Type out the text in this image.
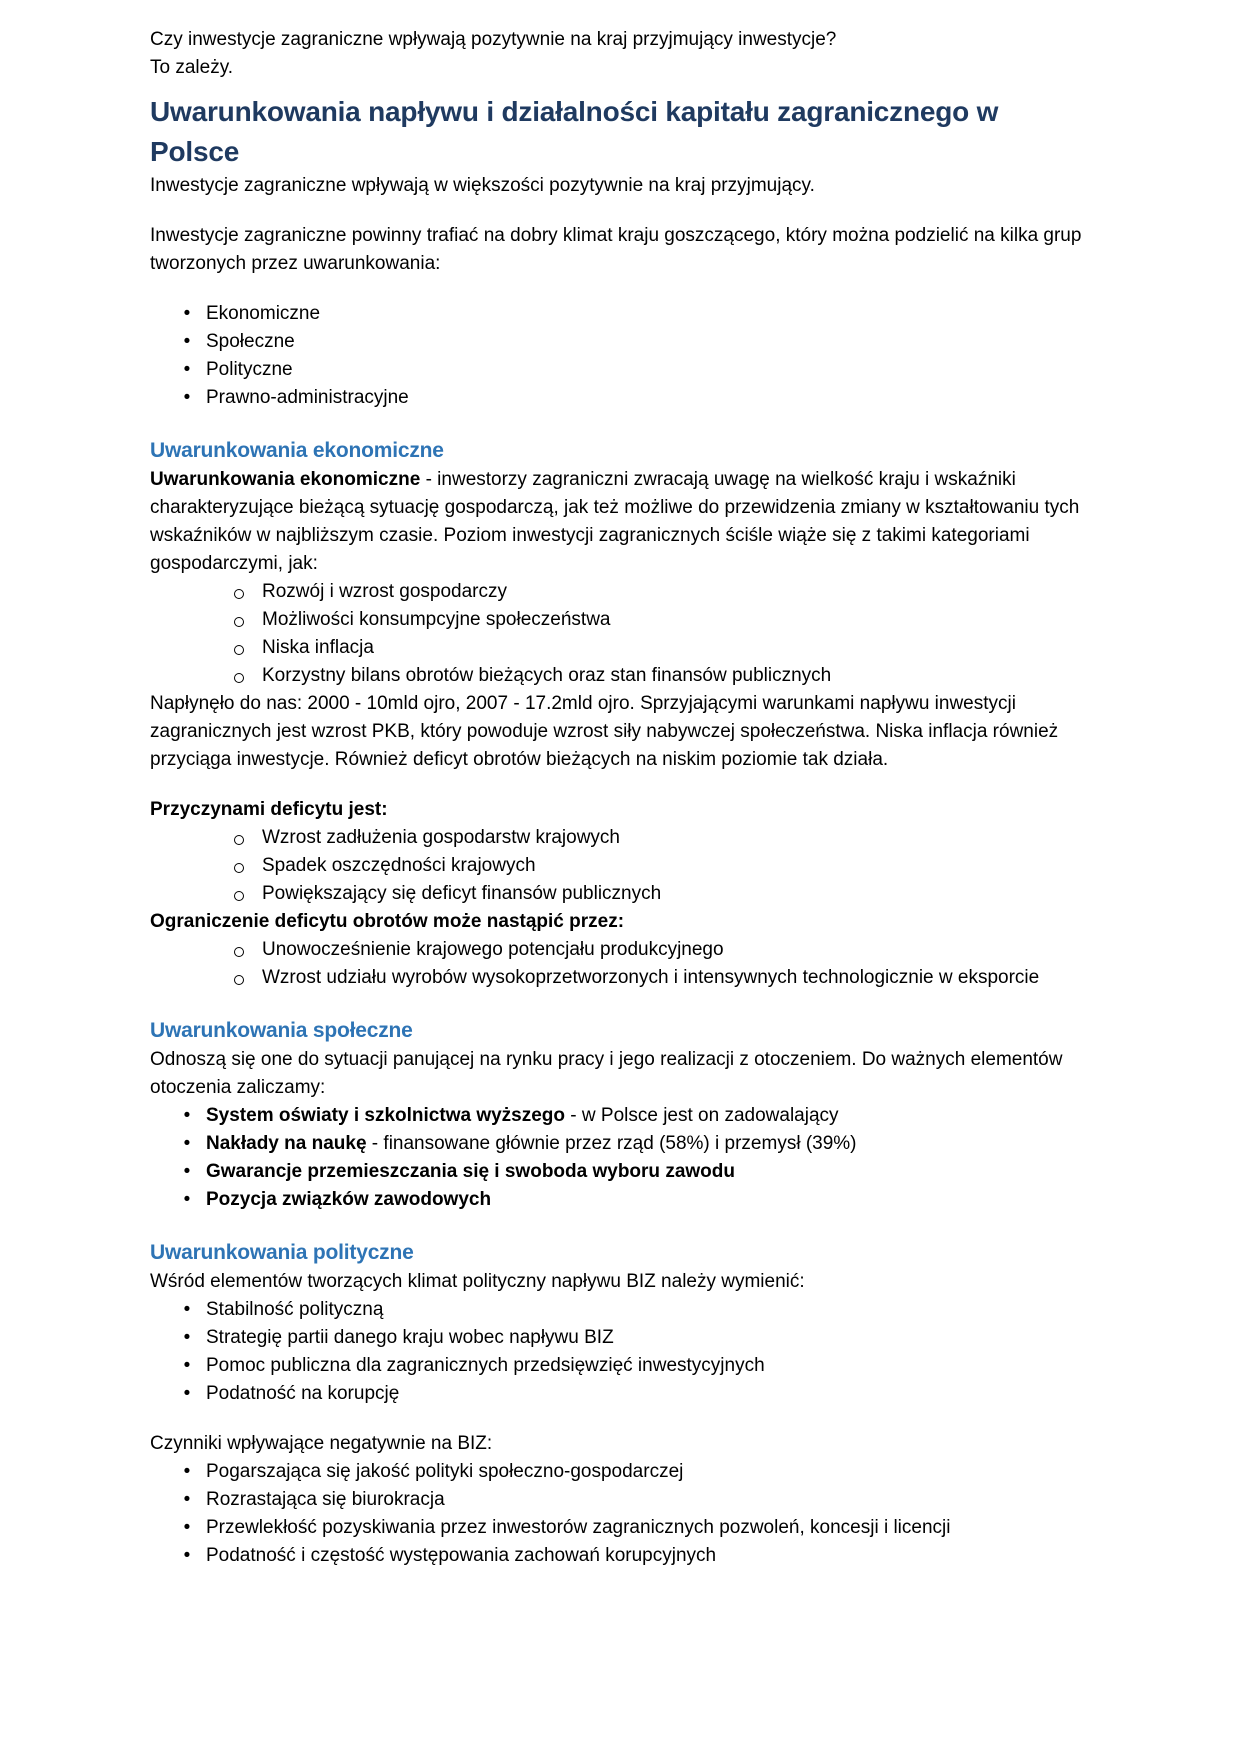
Czy inwestycje zagraniczne wpływają pozytywnie na kraj przyjmujący inwestycje?

To zależy.

Uwarunkowania napływu i działalności kapitału zagranicznego w Polsce

Inwestycje zagraniczne wpływają w większości pozytywnie na kraj przyjmujący.

Inwestycje zagraniczne powinny trafiać na dobry klimat kraju goszczącego, który można podzielić na kilka grup tworzonych przez uwarunkowania:

• Ekonomiczne
• Społeczne
• Polityczne
• Prawno-administracyjne
Uwarunkowania ekonomiczne

Uwarunkowania ekonomiczne - inwestorzy zagraniczni zwracają uwagę na wielkość kraju i wskaźniki charakteryzujące bieżącą sytuację gospodarczą, jak też możliwe do przewidzenia zmiany w kształtowaniu tych wskaźników w najbliższym czasie. Poziom inwestycji zagranicznych ściśle wiąże się z takimi kategoriami gospodarczymi, jak:

Rozwój i wzrost gospodarczy
Możliwości konsumpcyjne społeczeństwa
Niska inflacja
Korzystny bilans obrotów bieżących oraz stan finansów publicznych

Napłynęło do nas: 2000 - 10mld ojro, 2007 - 17.2mld ojro. Sprzyjającymi warunkami napływu inwestycji zagranicznych jest wzrost PKB, który powoduje wzrost siły nabywczej społeczeństwa. Niska inflacja również przyciąga inwestycje. Również deficyt obrotów bieżących na niskim poziomie tak działa.

Przyczynami deficytu jest:

Wzrost zadłużenia gospodarstw krajowych
Spadek oszczędności krajowych
Powiększający się deficyt finansów publicznych

Ograniczenie deficytu obrotów może nastąpić przez:

Unowocześnienie krajowego potencjału produkcyjnego
Wzrost udziału wyrobów wysokoprzetworzonych i intensywnych technologicznie w eksporcie
Uwarunkowania społeczne

Odnoszą się one do sytuacji panującej na rynku pracy i jego realizacji z otoczeniem. Do ważnych elementów otoczenia zaliczamy:

• System oświaty i szkolnictwa wyższego - w Polsce jest on zadowalający
• Nakłady na naukę - finansowane głównie przez rząd (58%) i przemysł (39%)
• Gwarancje przemieszczania się i swoboda wyboru zawodu
• Pozycja związków zawodowych
Uwarunkowania polityczne

Wśród elementów tworzących klimat polityczny napływu BIZ należy wymienić:

• Stabilność polityczną
• Strategię partii danego kraju wobec napływu BIZ
• Pomoc publiczna dla zagranicznych przedsięwzięć inwestycyjnych
• Podatność na korupcję

Czynniki wpływające negatywnie na BIZ:

• Pogarszająca się jakość polityki społeczno-gospodarczej
• Rozrastająca się biurokracja
• Przewlekłość pozyskiwania przez inwestorów zagranicznych pozwoleń, koncesji i licencji
• Podatność i częstość występowania zachowań korupcyjnych
